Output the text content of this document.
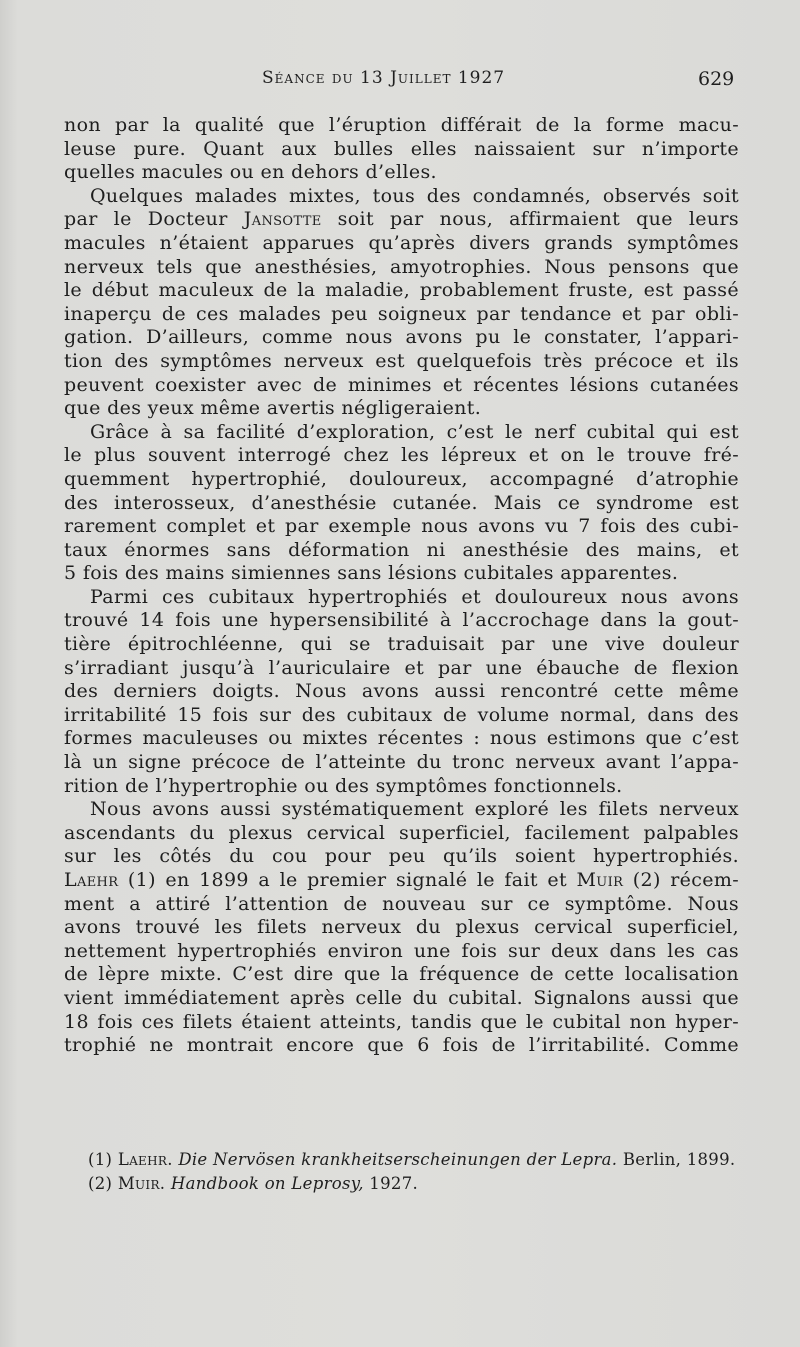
Séance du 13 Juillet 1927	629
non par la qualité que l’éruption différait de la forme macu-
leuse pure. Quant aux bulles elles naissaient sur n’importe
quelles macules ou en dehors d’elles.
Quelques malades mixtes, tous des condamnés, observés soit
par le Docteur Jansotte soit par nous, affirmaient que leurs
macules n’étaient apparues qu’après divers grands symptômes
nerveux tels que anesthésies, amyotrophies. Nous pensons que
le début maculeux de la maladie, probablement fruste, est passé
inaperçu de ces malades peu soigneux par tendance et par obli-
gation. D’ailleurs, comme nous avons pu le constater, l’appari-
tion des symptômes nerveux est quelquefois très précoce et ils
peuvent coexister avec de minimes et récentes lésions cutanées
que des yeux même avertis négligeraient.
Grâce à sa facilité d’exploration, c’est le nerf cubital qui est
le plus souvent interrogé chez les lépreux et on le trouve fré-
quemment hypertrophié, douloureux, accompagné d’atrophie
des interosseux, d’anesthésie cutanée. Mais ce syndrome est
rarement complet et par exemple nous avons vu 7 fois des cubi-
taux énormes sans déformation ni anesthésie des mains, et
5 fois des mains simiennes sans lésions cubitales apparentes.
Parmi ces cubitaux hypertrophiés et douloureux nous avons
trouvé 14 fois une hypersensibilité à l’accrochage dans la gout-
tière épitrochléenne, qui se traduisait par une vive douleur
s’irradiant jusqu’à l’auriculaire et par une ébauche de flexion
des derniers doigts. Nous avons aussi rencontré cette même
irritabilité 15 fois sur des cubitaux de volume normal, dans des
formes maculeuses ou mixtes récentes : nous estimons que c’est
là un signe précoce de l’atteinte du tronc nerveux avant l’appa-
rition de l’hypertrophie ou des symptômes fonctionnels.
Nous avons aussi systématiquement exploré les filets nerveux
ascendants du plexus cervical superficiel, facilement palpables
sur les côtés du cou pour peu qu’ils soient hypertrophiés.
Laehr (1) en 1899 a le premier signalé le fait et Muir (2) récem-
ment a attiré l’attention de nouveau sur ce symptôme. Nous
avons trouvé les filets nerveux du plexus cervical superficiel,
nettement hypertrophiés environ une fois sur deux dans les cas
de lèpre mixte. C’est dire que la fréquence de cette localisation
vient immédiatement après celle du cubital. Signalons aussi que
18 fois ces filets étaient atteints, tandis que le cubital non hyper-
trophié ne montrait encore que 6 fois de l’irritabilité. Comme
(1) Laehr. Die Nervösen krankheitserscheinungen der Lepra. Berlin, 1899.
(2) Muir. Handbook on Leprosy, 1927.
